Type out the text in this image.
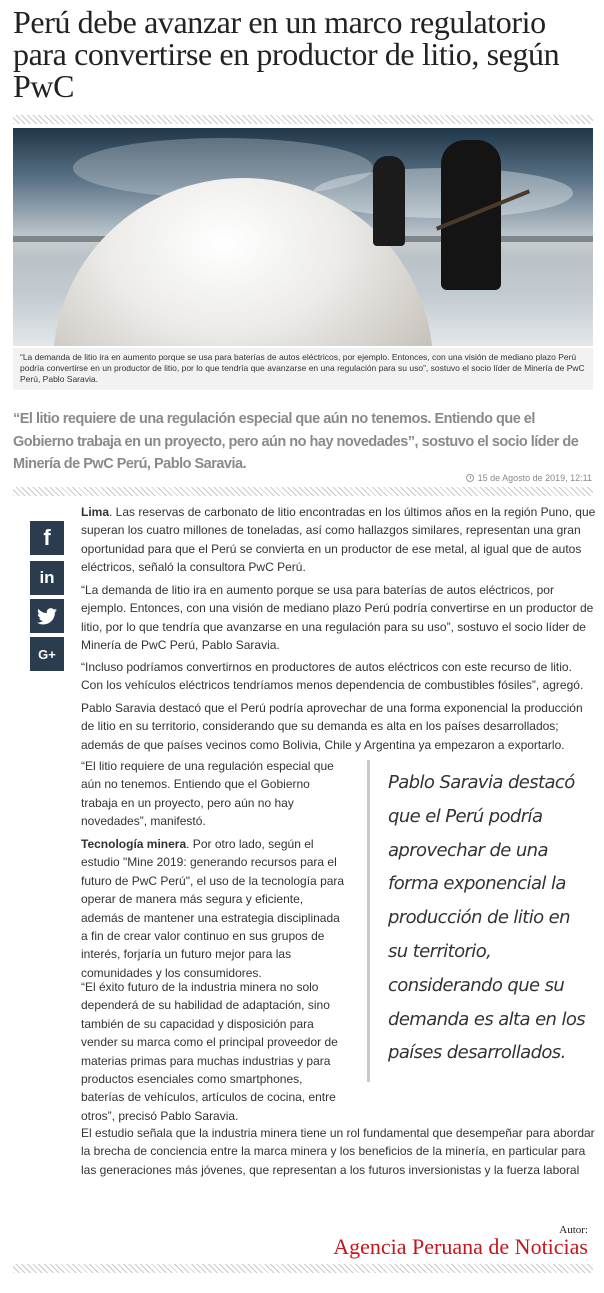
Perú debe avanzar en un marco regulatorio para convertirse en productor de litio, según PwC
“La demanda de litio ira en aumento porque se usa para baterías de autos eléctricos, por ejemplo. Entonces, con una visión de mediano plazo Perú podría convertirse en un productor de litio, por lo que tendría que avanzarse en una regulación para su uso”, sostuvo el socio líder de Minería de PwC Perú, Pablo Saravia.
“El litio requiere de una regulación especial que aún no tenemos. Entiendo que el Gobierno trabaja en un proyecto, pero aún no hay novedades”, sostuvo el socio líder de Minería de PwC Perú, Pablo Saravia.
15 de Agosto de 2019, 12:11
f
in
G+

Lima. Las reservas de carbonato de litio encontradas en los últimos años en la región Puno, que superan los cuatro millones de toneladas, así como hallazgos similares, representan una gran oportunidad para que el Perú se convierta en un productor de ese metal, al igual que de autos eléctricos, señaló la consultora PwC Perú.

“La demanda de litio ira en aumento porque se usa para baterías de autos eléctricos, por ejemplo. Entonces, con una visión de mediano plazo Perú podría convertirse en un productor de litio, por lo que tendría que avanzarse en una regulación para su uso”, sostuvo el socio líder de Minería de PwC Perú, Pablo Saravia.

“Incluso podríamos convertirnos en productores de autos eléctricos con este recurso de litio. Con los vehículos eléctricos tendríamos menos dependencia de combustibles fósiles”, agregó.

Pablo Saravia destacó que el Perú podría aprovechar de una forma exponencial la producción de litio en su territorio, considerando que su demanda es alta en los países desarrollados; además de que países vecinos como Bolivia, Chile y Argentina ya empezaron a exportarlo.

“El litio requiere de una regulación especial que aún no tenemos. Entiendo que el Gobierno trabaja en un proyecto, pero aún no hay novedades”, manifestó.

Tecnología minera. Por otro lado, según el estudio "Mine 2019: generando recursos para el futuro de PwC Perú", el uso de la tecnología para operar de manera más segura y eficiente, además de mantener una estrategia disciplinada a fin de crear valor continuo en sus grupos de interés, forjaría un futuro mejor para las comunidades y los consumidores.

“El éxito futuro de la industria minera no solo dependerá de su habilidad de adaptación, sino también de su capacidad y disposición para vender su marca como el principal proveedor de materias primas para muchas industrias y para productos esenciales como smartphones, baterías de vehículos, artículos de cocina, entre otros”, precisó Pablo Saravia.

Pablo Saravia destacó que el Perú podría aprovechar de una forma exponencial la producción de litio en su territorio, considerando que su demanda es alta en los países desarrollados.

El estudio señala que la industria minera tiene un rol fundamental que desempeñar para abordar la brecha de conciencia entre la marca minera y los beneficios de la minería, en particular para las generaciones más jóvenes, que representan a los futuros inversionistas y la fuerza laboral

Autor:
Agencia Peruana de Noticias
